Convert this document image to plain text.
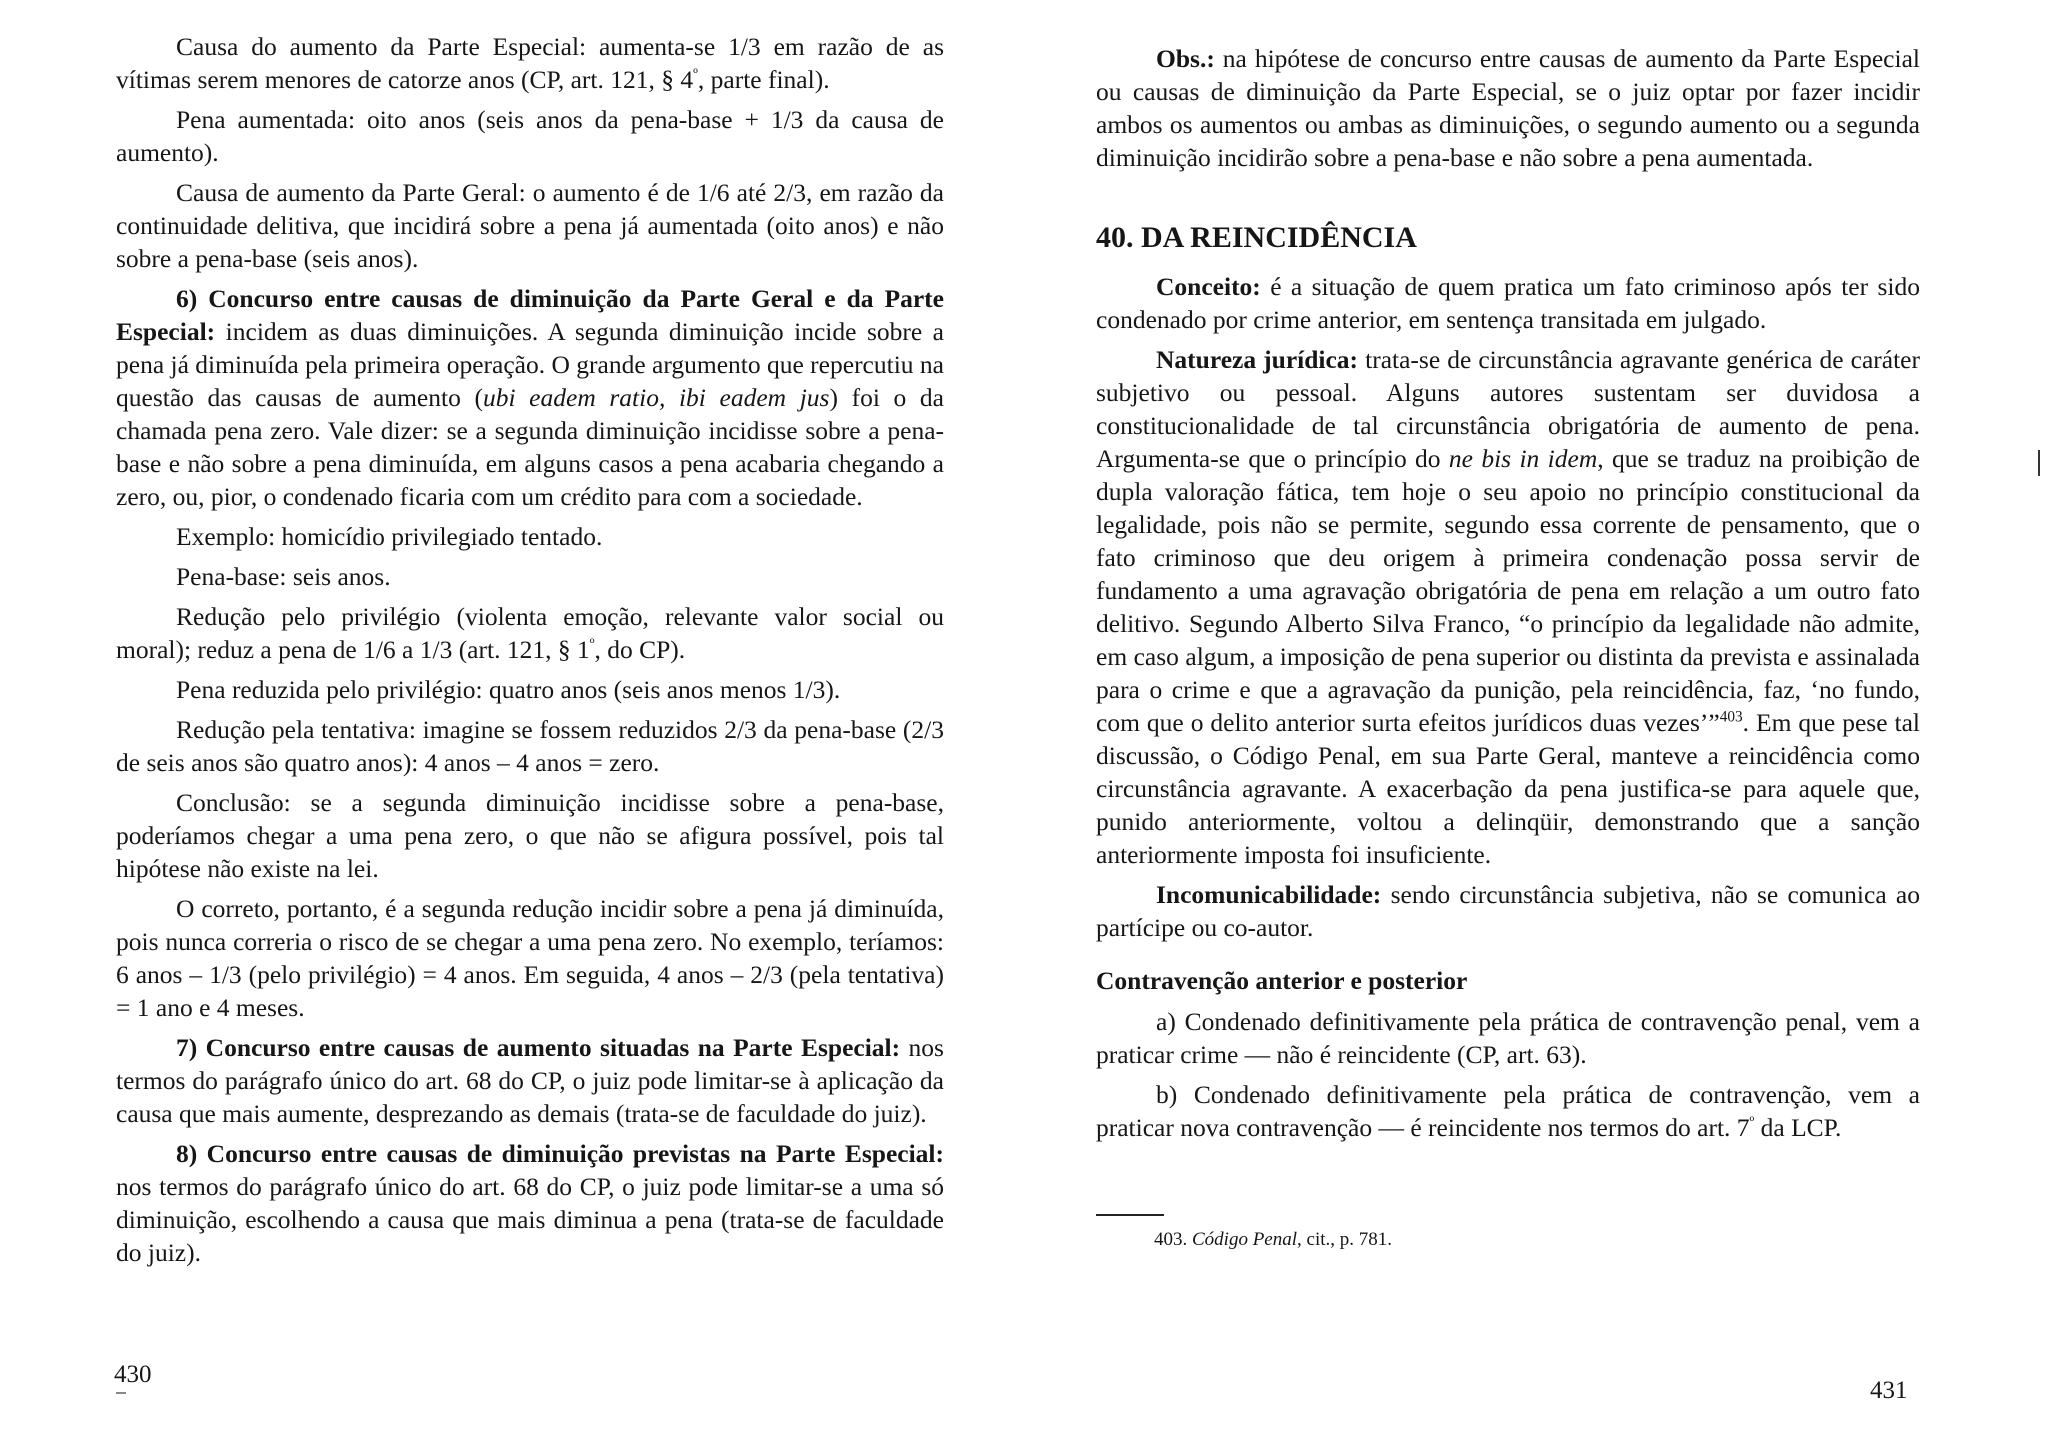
Causa do aumento da Parte Especial: aumenta-se 1/3 em razão de as vítimas serem menores de catorze anos (CP, art. 121, § $4^º$, parte final).

Pena aumentada: oito anos (seis anos da pena-base + 1/3 da causa de aumento).

Causa de aumento da Parte Geral: o aumento é de 1/6 até 2/3, em razão da continuidade delitiva, que incidirá sobre a pena já aumentada (oito anos) e não sobre a pena-base (seis anos).

6) Concurso entre causas de diminuição da Parte Geral e da Parte Especial: incidem as duas diminuições. A segunda diminuição incide sobre a pena já diminuída pela primeira operação. O grande argumento que repercutiu na questão das causas de aumento (ubi eadem ratio, ibi eadem jus) foi o da chamada pena zero. Vale dizer: se a segunda diminuição incidisse sobre a pena-base e não sobre a pena diminuída, em alguns casos a pena acabaria chegando a zero, ou, pior, o condenado ficaria com um crédito para com a sociedade.

Exemplo: homicídio privilegiado tentado.

Pena-base: seis anos.

Redução pelo privilégio (violenta emoção, relevante valor social ou moral); reduz a pena de 1/6 a 1/3 (art. 121, § $1^º$, do CP).

Pena reduzida pelo privilégio: quatro anos (seis anos menos 1/3).

Redução pela tentativa: imagine se fossem reduzidos 2/3 da pena-base (2/3 de seis anos são quatro anos): 4 anos – 4 anos = zero.

Conclusão: se a segunda diminuição incidisse sobre a pena-base, poderíamos chegar a uma pena zero, o que não se afigura possível, pois tal hipótese não existe na lei.

O correto, portanto, é a segunda redução incidir sobre a pena já diminuída, pois nunca correria o risco de se chegar a uma pena zero. No exemplo, teríamos: 6 anos – 1/3 (pelo privilégio) = 4 anos. Em seguida, 4 anos – 2/3 (pela tentativa) = 1 ano e 4 meses.

7) Concurso entre causas de aumento situadas na Parte Especial: nos termos do parágrafo único do art. 68 do CP, o juiz pode limitar-se à aplicação da causa que mais aumente, desprezando as demais (trata-se de faculdade do juiz).

8) Concurso entre causas de diminuição previstas na Parte Especial: nos termos do parágrafo único do art. 68 do CP, o juiz pode limitar-se a uma só diminuição, escolhendo a causa que mais diminua a pena (trata-se de faculdade do juiz).

430

Obs.: na hipótese de concurso entre causas de aumento da Parte Especial ou causas de diminuição da Parte Especial, se o juiz optar por fazer incidir ambos os aumentos ou ambas as diminuições, o segundo aumento ou a segunda diminuição incidirão sobre a pena-base e não sobre a pena aumentada.

40. DA REINCIDÊNCIA

Conceito: é a situação de quem pratica um fato criminoso após ter sido condenado por crime anterior, em sentença transitada em julgado.

Natureza jurídica: trata-se de circunstância agravante genérica de caráter subjetivo ou pessoal. Alguns autores sustentam ser duvidosa a constitucionalidade de tal circunstância obrigatória de aumento de pena. Argumenta-se que o princípio do ne bis in idem, que se traduz na proibição de dupla valoração fática, tem hoje o seu apoio no princípio constitucional da legalidade, pois não se permite, segundo essa corrente de pensamento, que o fato criminoso que deu origem à primeira condenação possa servir de fundamento a uma agravação obrigatória de pena em relação a um outro fato delitivo. Segundo Alberto Silva Franco, “o princípio da legalidade não admite, em caso algum, a imposição de pena superior ou distinta da prevista e assinalada para o crime e que a agravação da punição, pela reincidência, faz, ‘no fundo, com que o delito anterior surta efeitos jurídicos duas vezes’”$^{403}$. Em que pese tal discussão, o Código Penal, em sua Parte Geral, manteve a reincidência como circunstância agravante. A exacerbação da pena justifica-se para aquele que, punido anteriormente, voltou a delinqüir, demonstrando que a sanção anteriormente imposta foi insuficiente.

Incomunicabilidade: sendo circunstância subjetiva, não se comunica ao partícipe ou co-autor.

Contravenção anterior e posterior

a) Condenado definitivamente pela prática de contravenção penal, vem a praticar crime — não é reincidente (CP, art. 63).

b) Condenado definitivamente pela prática de contravenção, vem a praticar nova contravenção — é reincidente nos termos do art. $7^º$ da LCP.

403. Código Penal, cit., p. 781.

431
